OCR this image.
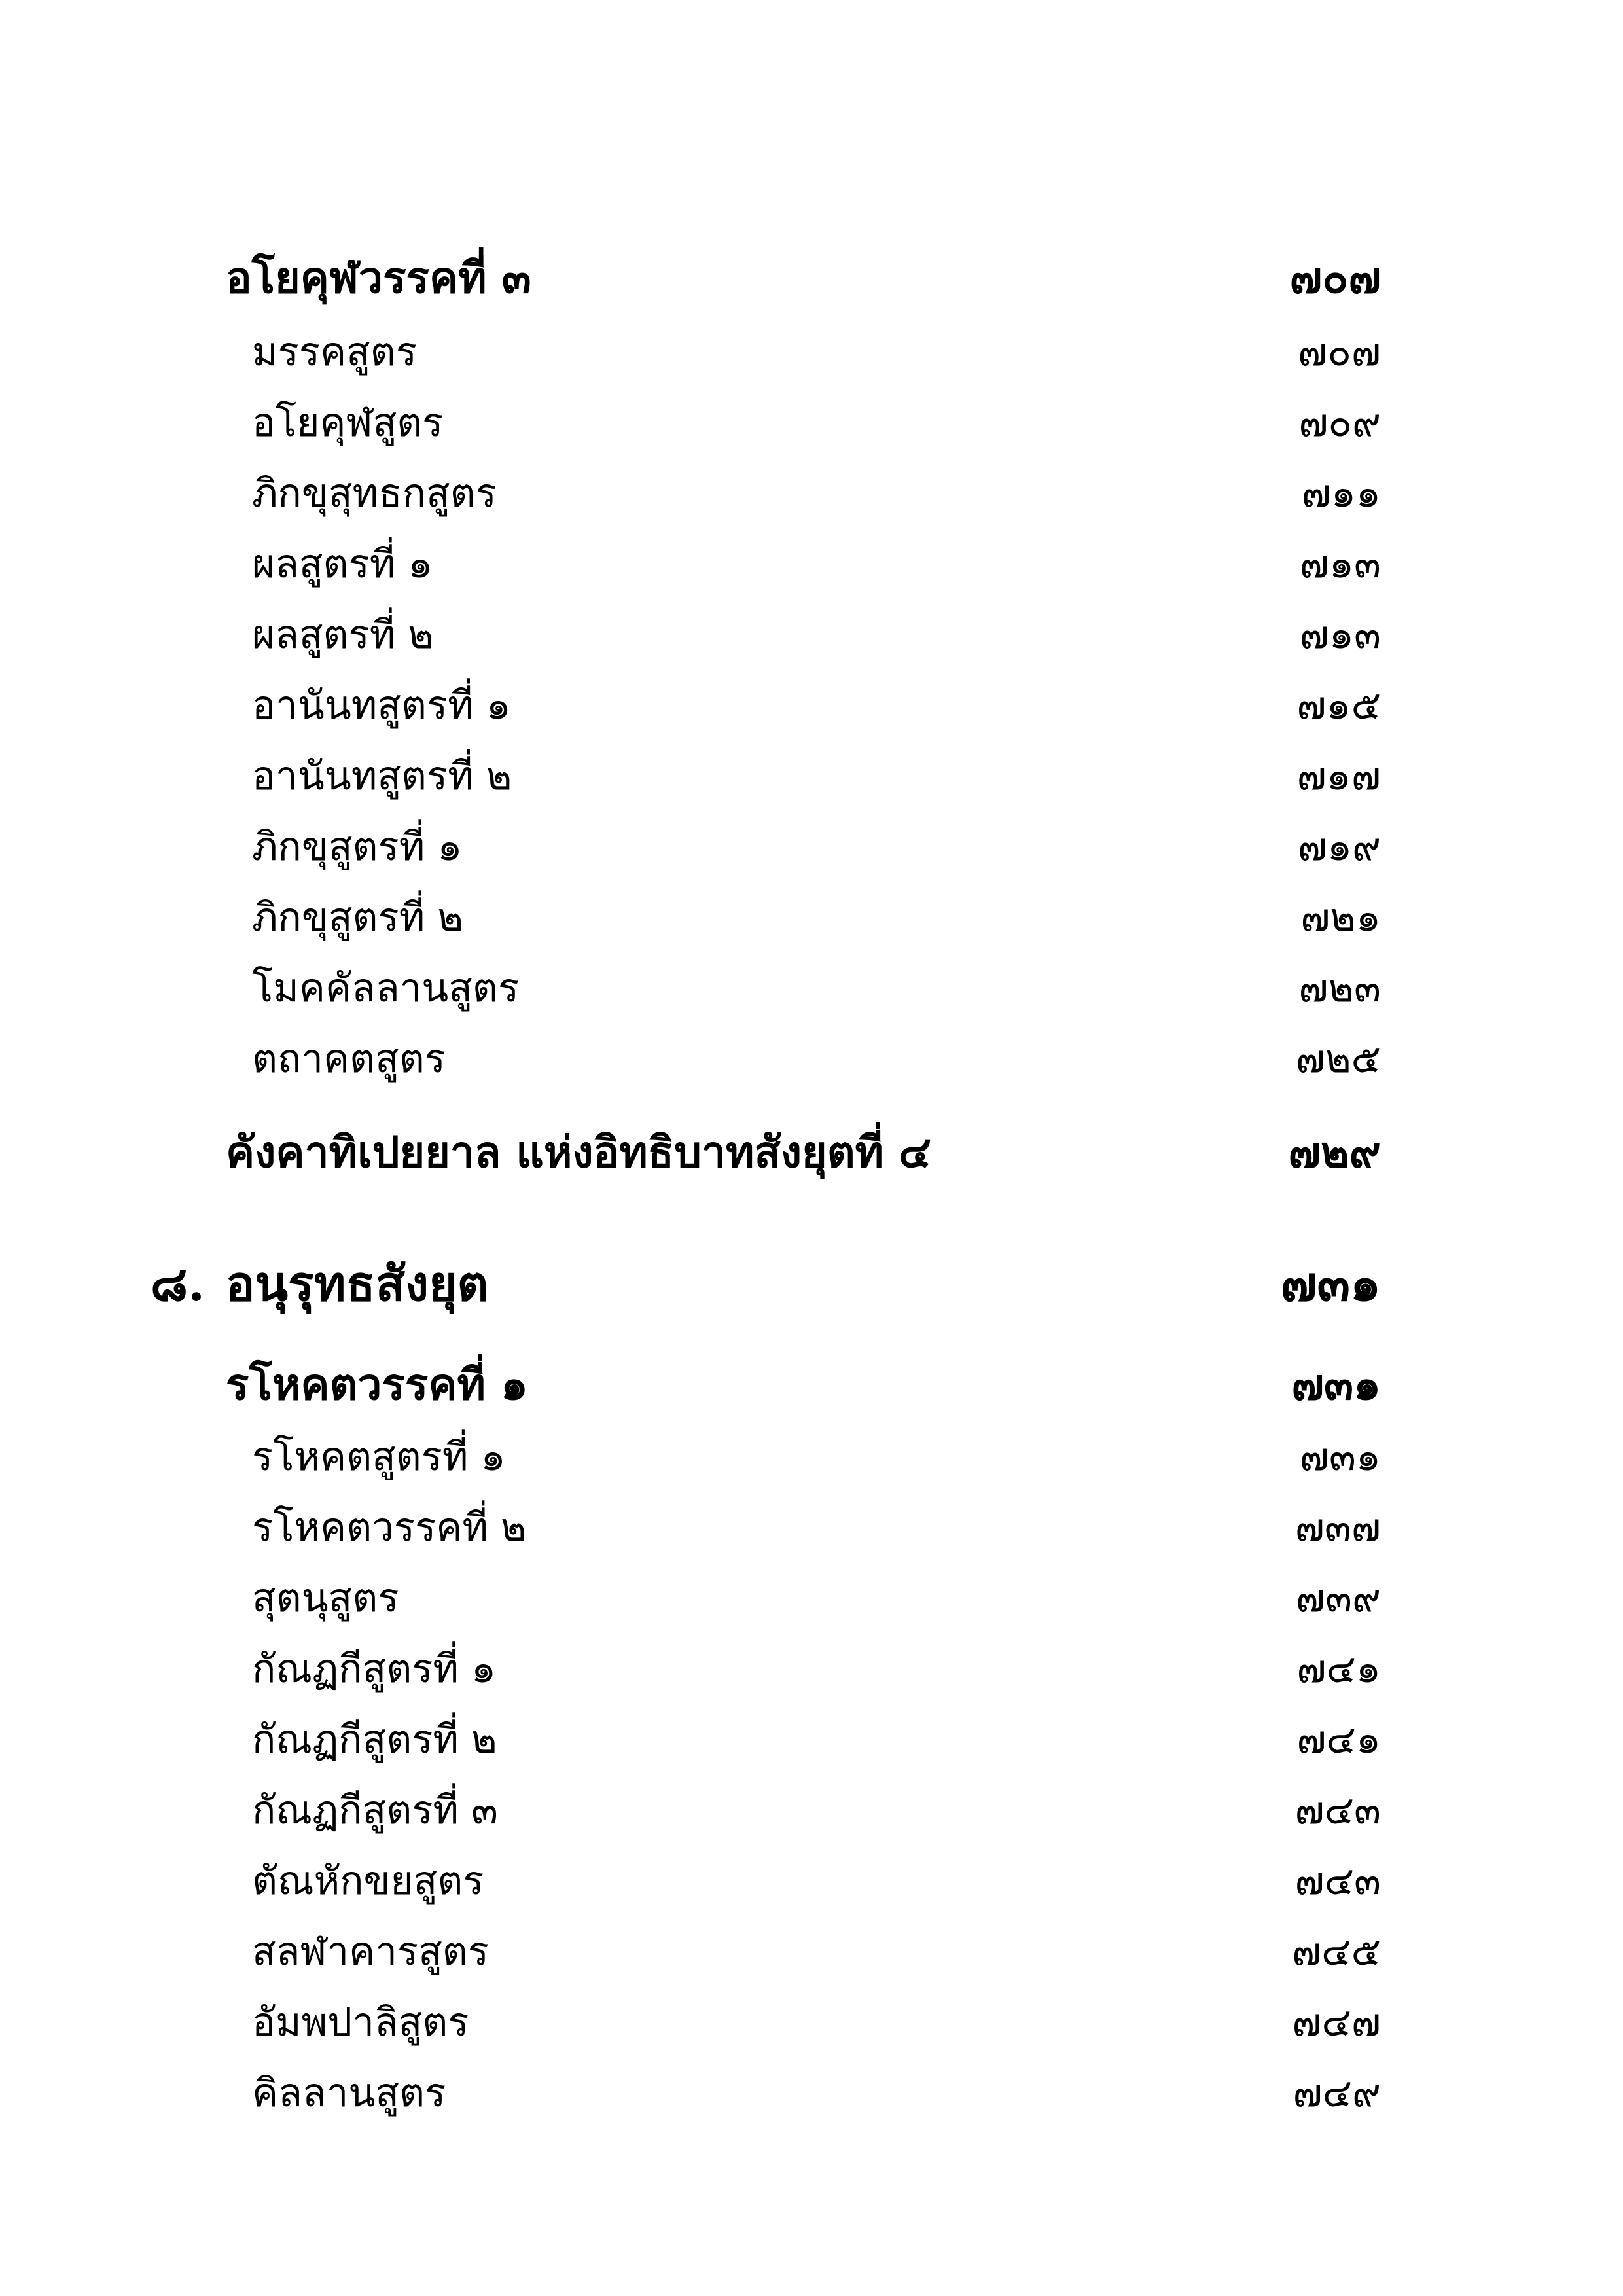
อโยคุฬวรรคที่ ๓	๗๐๗
มรรคสูตร	๗๐๗
อโยคุฬสูตร	๗๐๙
ภิกขุสุทธกสูตร	๗๑๑
ผลสูตรที่ ๑	๗๑๓
ผลสูตรที่ ๒	๗๑๓
อานันทสูตรที่ ๑	๗๑๕
อานันทสูตรที่ ๒	๗๑๗
ภิกขุสูตรที่ ๑	๗๑๙
ภิกขุสูตรที่ ๒	๗๒๑
โมคคัลลานสูตร	๗๒๓
ตถาคตสูตร	๗๒๕
คังคาทิเปยยาล แห่งอิทธิบาทสังยุตที่ ๔	๗๒๙
๘. อนุรุทธสังยุต	๗๓๑
รโหคตวรรคที่ ๑	๗๓๑
รโหคตสูตรที่ ๑	๗๓๑
รโหคตวรรคที่ ๒	๗๓๗
สุตนุสูตร	๗๓๙
กัณฏกีสูตรที่ ๑	๗๔๑
กัณฏกีสูตรที่ ๒	๗๔๑
กัณฏกีสูตรที่ ๓	๗๔๓
ตัณหักขยสูตร	๗๔๓
สลฬาคารสูตร	๗๔๕
อัมพปาลิสูตร	๗๔๗
คิลลานสูตร	๗๔๙
